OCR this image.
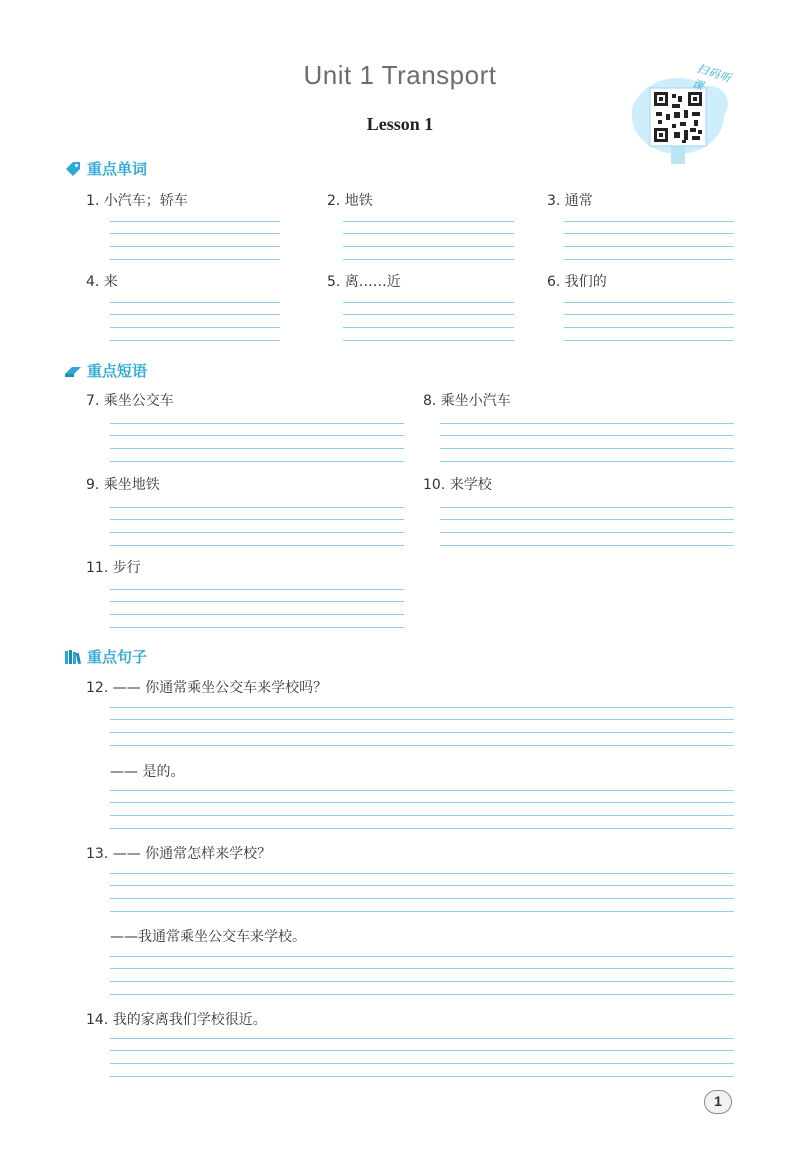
Unit 1 Transport
Lesson 1
扫码听课
重点单词
1. 小汽车；轿车	2. 地铁	3. 通常
4. 来	5. 离……近	6. 我们的
重点短语
7. 乘坐公交车	8. 乘坐小汽车
9. 乘坐地铁	10. 来学校
11. 步行
重点句子
12. —— 你通常乘坐公交车来学校吗？
—— 是的。
13. —— 你通常怎样来学校？
——我通常乘坐公交车来学校。
14. 我的家离我们学校很近。
1
